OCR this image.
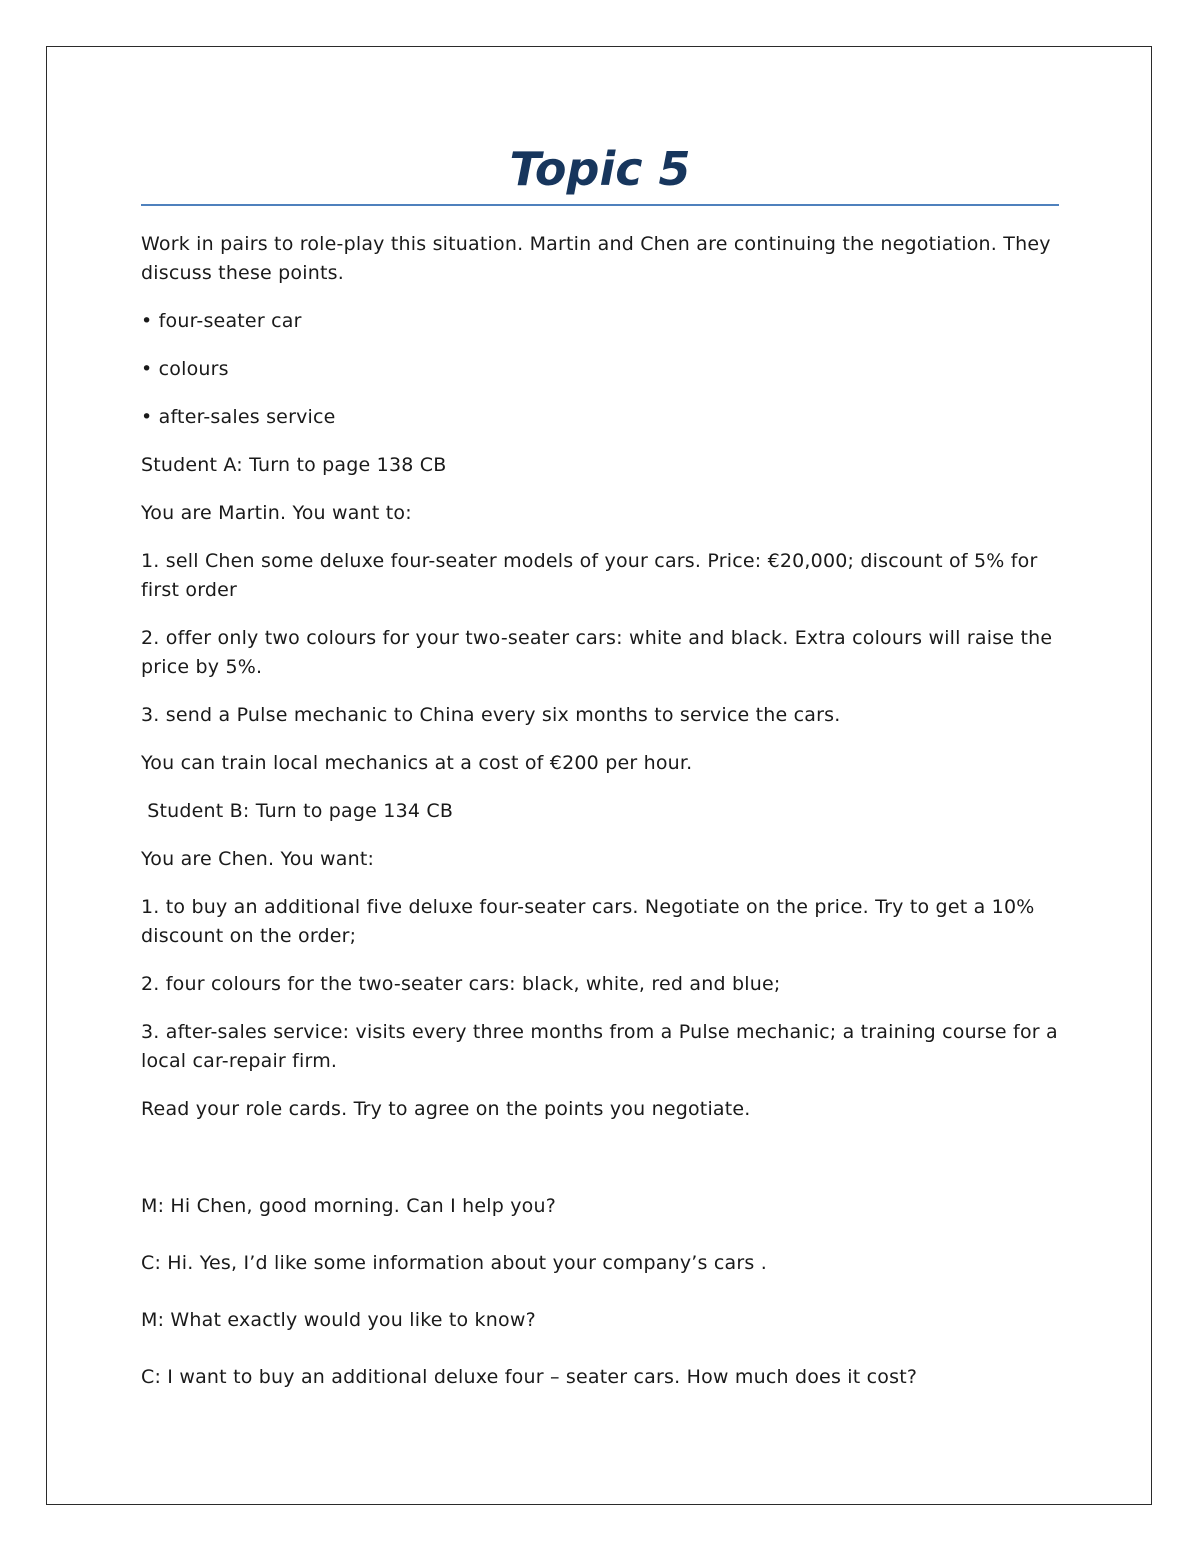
Topic 5

Work in pairs to role-play this situation. Martin and Chen are continuing the negotiation. They discuss these points.

• four-seater car

• colours

• after-sales service

Student A: Turn to page 138 CB

You are Martin. You want to:

1. sell Chen some deluxe four-seater models of your cars. Price: €20,000; discount of 5% for first order

2. offer only two colours for your two-seater cars: white and black. Extra colours will raise the price by 5%.

3. send a Pulse mechanic to China every six months to service the cars.

You can train local mechanics at a cost of €200 per hour.

Student B: Turn to page 134 CB

You are Chen. You want:

1. to buy an additional five deluxe four-seater cars. Negotiate on the price. Try to get a 10% discount on the order;

2. four colours for the two-seater cars: black, white, red and blue;

3. after-sales service: visits every three months from a Pulse mechanic; a training course for a local car-repair firm.

Read your role cards. Try to agree on the points you negotiate.

M: Hi Chen, good morning. Can I help you?

C: Hi. Yes, I’d like some information about your company’s cars .

M: What exactly would you like to know?

C: I want to buy an additional deluxe four – seater cars. How much does it cost?
